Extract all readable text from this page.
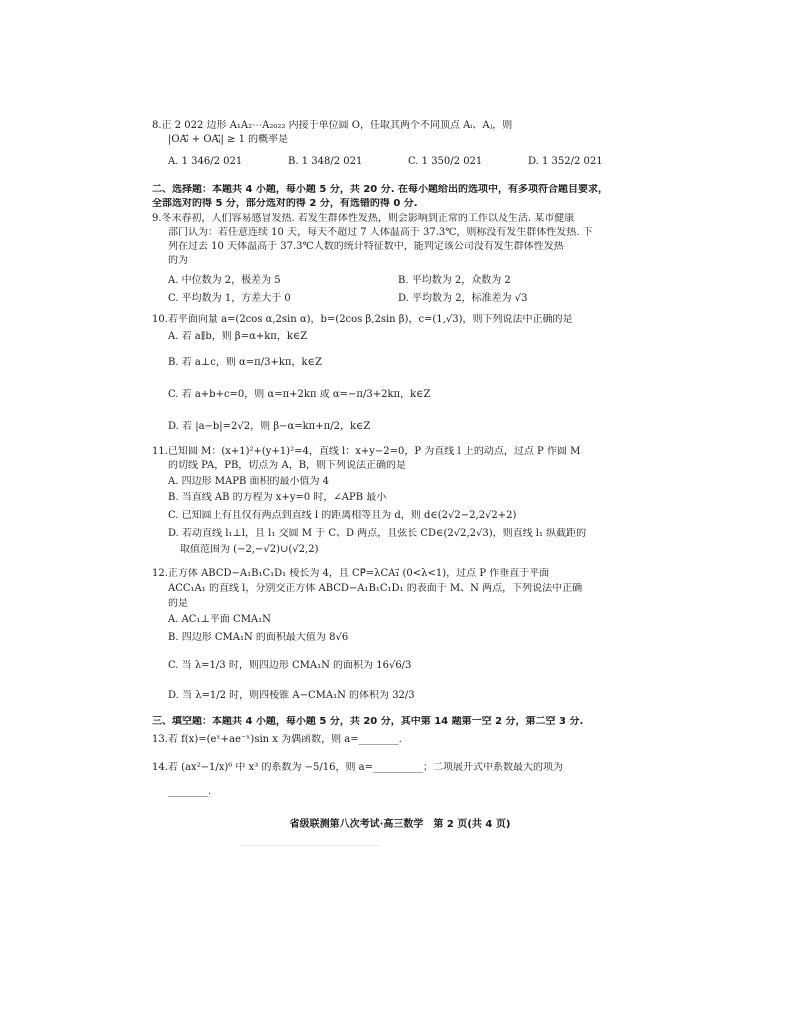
8.正 2 022 边形 A₁A₂⋯A₂₀₂₂ 内接于单位圆 O，任取其两个不同顶点 Aᵢ、Aⱼ，则
|OAᵢ⃗ + OAⱼ⃗| ≥ 1 的概率是
A. 1 346/2 021	B. 1 348/2 021	C. 1 350/2 021	D. 1 352/2 021
二、选择题：本题共 4 小题，每小题 5 分，共 20 分. 在每小题给出的选项中，有多项符合题目要求，
全部选对的得 5 分，部分选对的得 2 分，有选错的得 0 分.
9.冬末春初，人们容易感冒发热. 若发生群体性发热，则会影响到正常的工作以及生活. 某市健康
部门认为：若任意连续 10 天，每天不超过 7 人体温高于 37.3℃，则称没有发生群体性发热. 下
列在过去 10 天体温高于 37.3℃人数的统计特征数中，能判定该公司没有发生群体性发热
的为
A. 中位数为 2，极差为 5	B. 平均数为 2，众数为 2
C. 平均数为 1，方差大于 0	D. 平均数为 2，标准差为 √3
10.若平面向量 a=(2cos α,2sin α)，b=(2cos β,2sin β)，c=(1,√3)，则下列说法中正确的是
A. 若 a∥b，则 β=α+kπ，k∈Z
B. 若 a⊥c，则 α=π/3+kπ，k∈Z
C. 若 a+b+c=0，则 α=π+2kπ 或 α=−π/3+2kπ，k∈Z
D. 若 |a−b|=2√2，则 β−α=kπ+π/2，k∈Z
11.已知圆 M：(x+1)²+(y+1)²=4，直线 l：x+y−2=0，P 为直线 l 上的动点，过点 P 作圆 M
的切线 PA，PB，切点为 A，B，则下列说法正确的是
A. 四边形 MAPB 面积的最小值为 4
B. 当直线 AB 的方程为 x+y=0 时，∠APB 最小
C. 已知圆上有且仅有两点到直线 l 的距离相等且为 d，则 d∈(2√2−2,2√2+2)
D. 若动直线 l₁⊥l，且 l₁ 交圆 M 于 C、D 两点，且弦长 CD∈(2√2,2√3)，则直线 l₁ 纵截距的
取值范围为 (−2,−√2)∪(√2,2)
12.正方体 ABCD−A₁B₁C₁D₁ 棱长为 4，且 CP⃗=λCA₁⃗ (0<λ<1)，过点 P 作垂直于平面
ACC₁A₁ 的直线 l，分别交正方体 ABCD−A₁B₁C₁D₁ 的表面于 M、N 两点，下列说法中正确
的是
A. AC₁⊥平面 CMA₁N
B. 四边形 CMA₁N 的面积最大值为 8√6
C. 当 λ=1/3 时，则四边形 CMA₁N 的面积为 16√6/3
D. 当 λ=1/2 时，则四棱锥 A−CMA₁N 的体积为 32/3
三、填空题：本题共 4 小题，每小题 5 分，共 20 分，其中第 14 题第一空 2 分，第二空 3 分.
13.若 f(x)=(eˣ+ae⁻ˣ)sin x 为偶函数，则 a=________.
14.若 (ax²−1/x)⁶ 中 x³ 的系数为 −5/16，则 a=__________；二项展开式中系数最大的项为
________.
省级联测第八次考试·高三数学　第 2 页(共 4 页)
